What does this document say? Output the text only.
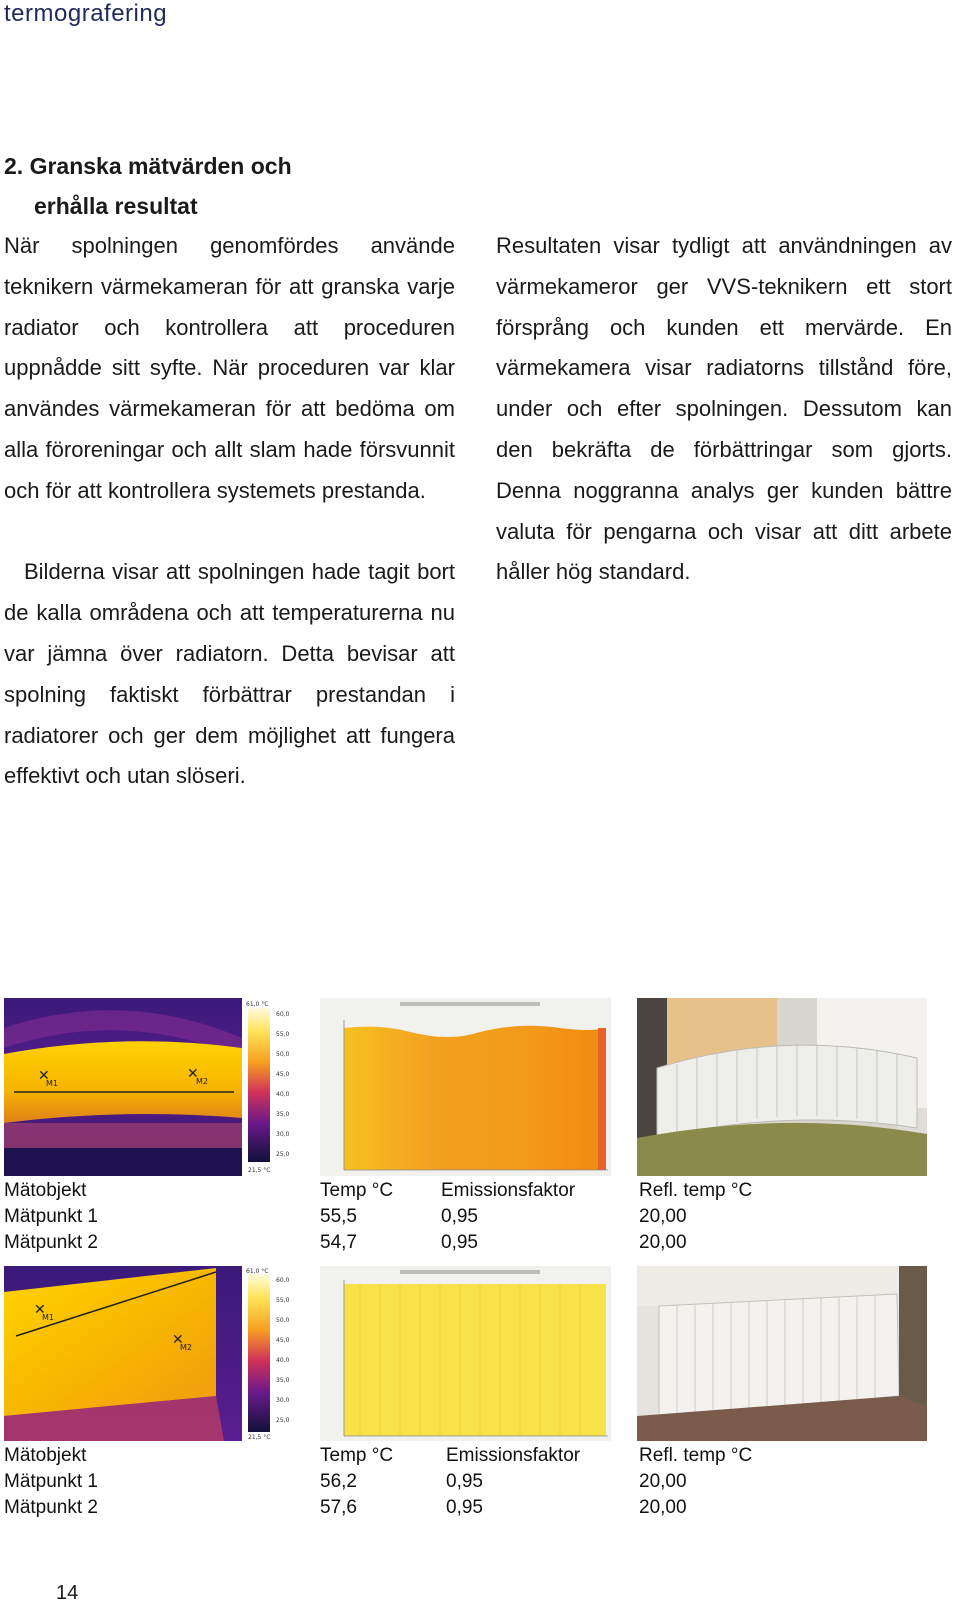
termografering
2. Granska mätvärden och
erhålla resultat

När spolningen genomfördes använde teknikern värmekameran för att granska varje radiator och kontrollera att proceduren uppnådde sitt syfte. När proceduren var klar användes värmekameran för att bedöma om alla föroreningar och allt slam hade försvunnit och för att kontrollera systemets prestanda.

Bilderna visar att spolningen hade tagit bort de kalla områdena och att temperaturerna nu var jämna över radiatorn. Detta bevisar att spolning faktiskt förbättrar prestandan i radiatorer och ger dem möjlighet att fungera effektivt och utan slöseri.

Resultaten visar tydligt att användningen av värmekameror ger VVS-teknikern ett stort försprång och kunden ett mervärde. En värmekamera visar radiatorns tillstånd före, under och efter spolningen. Dessutom kan den bekräfta de förbättringar som gjorts. Denna noggranna analys ger kunden bättre valuta för pengarna och visar att ditt arbete håller hög standard.

✕
M1
✕
M2
61,0 °C
21,5 °C
60,0
55,0
50,0
45,0
40,0
35,0
30,0
25,0
Mätobjekt	Temp °C	Emissionsfaktor	Refl. temp °C
Mätpunkt 1	55,5	0,95	20,00
Mätpunkt 2	54,7	0,95	20,00
✕
M1
✕
M2
61,0 °C
21,5 °C
60,0
55,0
50,0
45,0
40,0
35,0
30,0
25,0
Mätobjekt	Temp °C	Emissionsfaktor	Refl. temp °C
Mätpunkt 1	56,2	0,95	20,00
Mätpunkt 2	57,6	0,95	20,00
14
